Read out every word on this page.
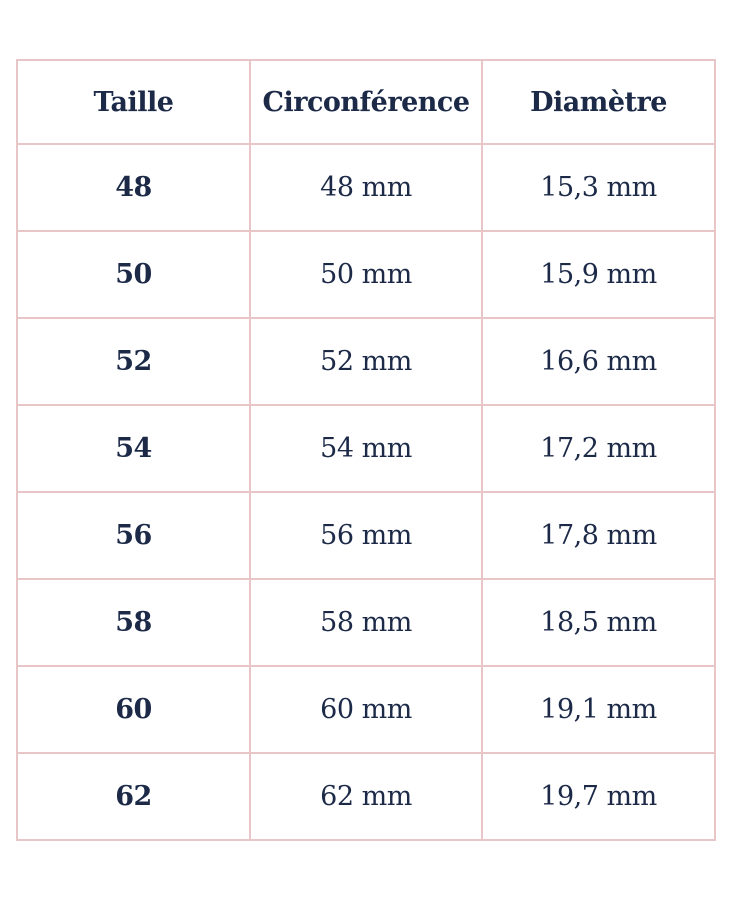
Taille	Circonférence	Diamètre
48	48 mm	15,3 mm
50	50 mm	15,9 mm
52	52 mm	16,6 mm
54	54 mm	17,2 mm
56	56 mm	17,8 mm
58	58 mm	18,5 mm
60	60 mm	19,1 mm
62	62 mm	19,7 mm
